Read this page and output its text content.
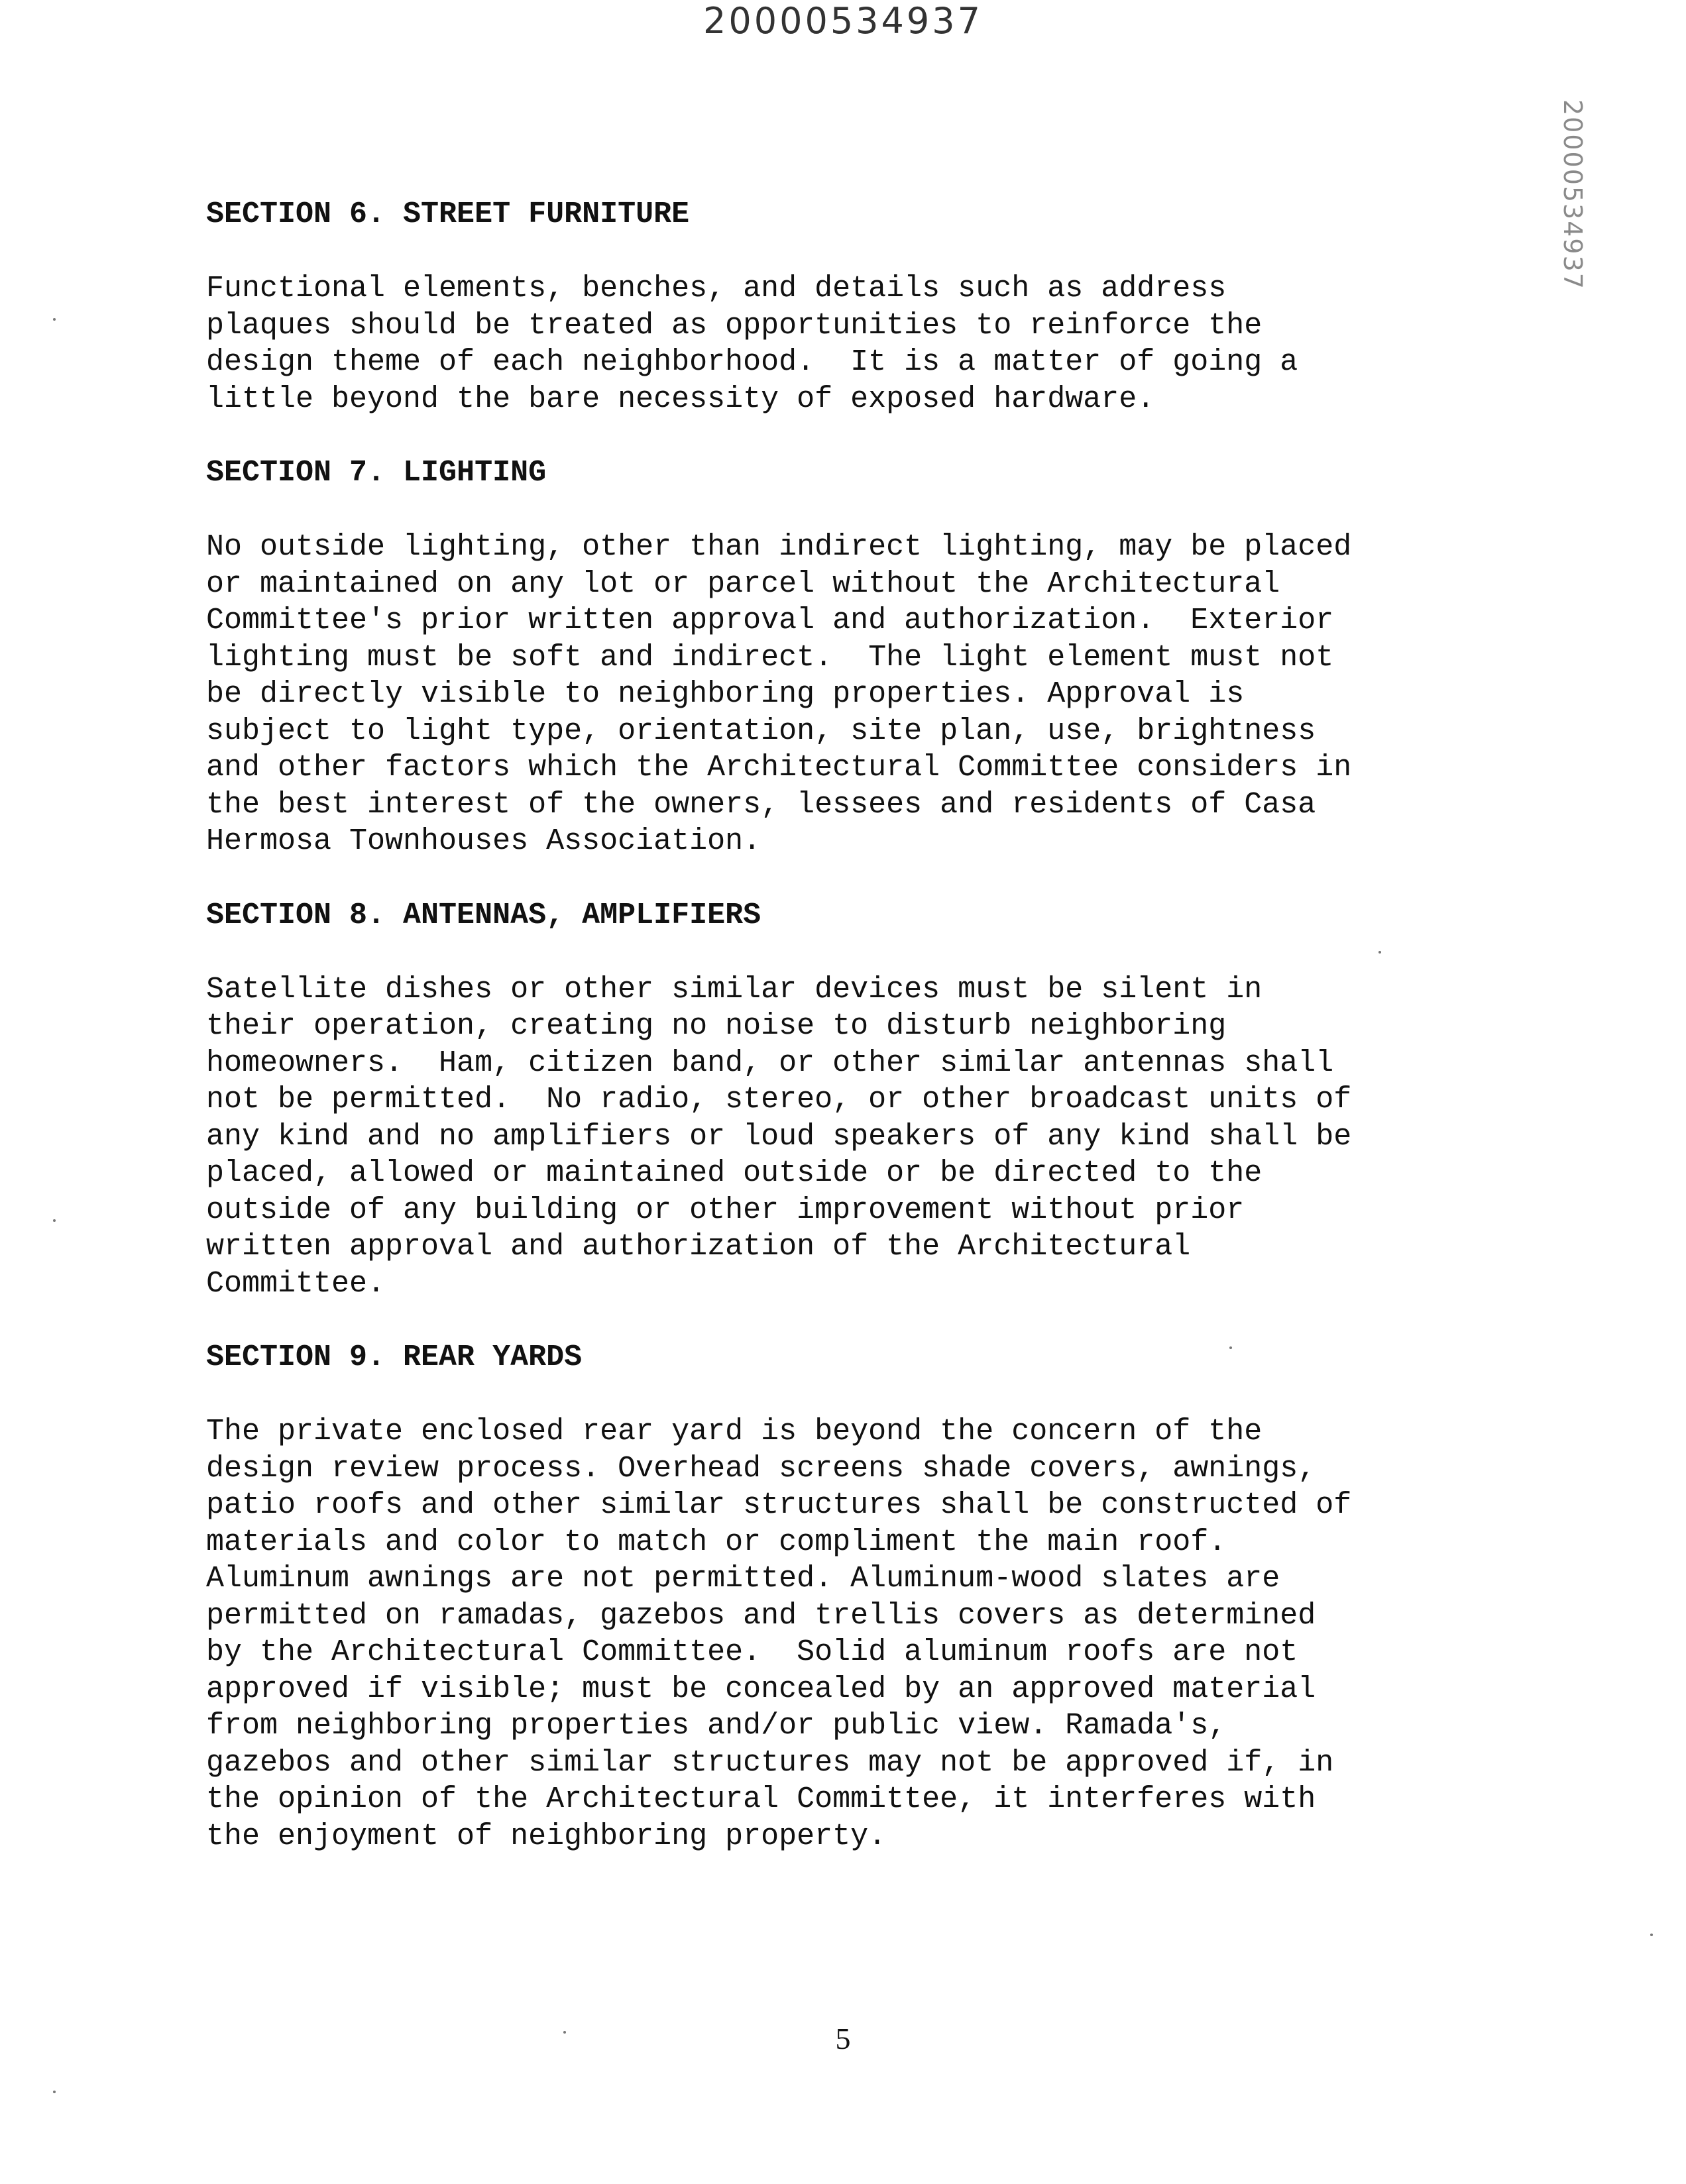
20000534937
20000534937
SECTION 6. STREET FURNITURE
Functional elements, benches, and details such as address
plaques should be treated as opportunities to reinforce the
design theme of each neighborhood.  It is a matter of going a
little beyond the bare necessity of exposed hardware.
SECTION 7. LIGHTING
No outside lighting, other than indirect lighting, may be placed
or maintained on any lot or parcel without the Architectural
Committee's prior written approval and authorization.  Exterior
lighting must be soft and indirect.  The light element must not
be directly visible to neighboring properties. Approval is
subject to light type, orientation, site plan, use, brightness
and other factors which the Architectural Committee considers in
the best interest of the owners, lessees and residents of Casa
Hermosa Townhouses Association.
SECTION 8. ANTENNAS, AMPLIFIERS
Satellite dishes or other similar devices must be silent in
their operation, creating no noise to disturb neighboring
homeowners.  Ham, citizen band, or other similar antennas shall
not be permitted.  No radio, stereo, or other broadcast units of
any kind and no amplifiers or loud speakers of any kind shall be
placed, allowed or maintained outside or be directed to the
outside of any building or other improvement without prior
written approval and authorization of the Architectural
Committee.
SECTION 9. REAR YARDS
The private enclosed rear yard is beyond the concern of the
design review process. Overhead screens shade covers, awnings,
patio roofs and other similar structures shall be constructed of
materials and color to match or compliment the main roof.
Aluminum awnings are not permitted. Aluminum-wood slates are
permitted on ramadas, gazebos and trellis covers as determined
by the Architectural Committee.  Solid aluminum roofs are not
approved if visible; must be concealed by an approved material
from neighboring properties and/or public view. Ramada's,
gazebos and other similar structures may not be approved if, in
the opinion of the Architectural Committee, it interferes with
the enjoyment of neighboring property.
5
